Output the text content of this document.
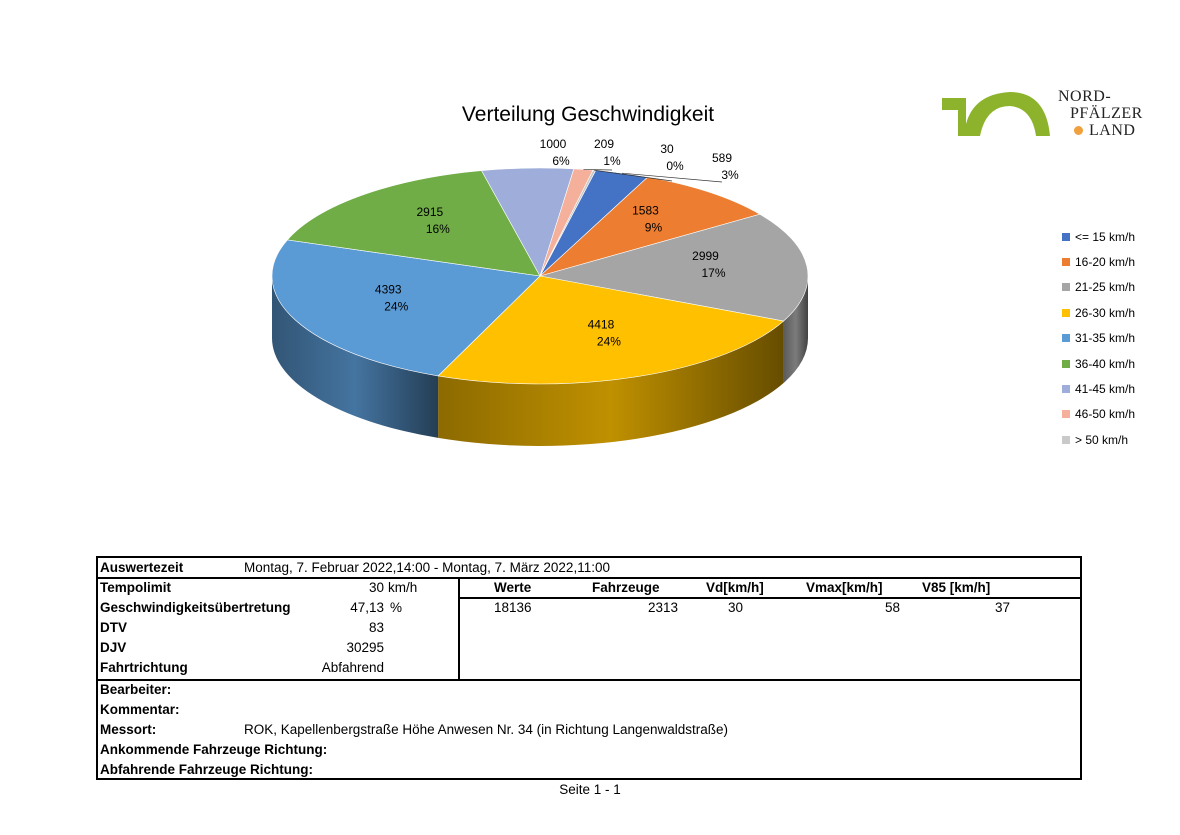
Verteilung Geschwindigkeit
589
3%
1583
9%
2999
17%
4418
24%
4393
24%
2915
16%
1000
6%
209
1%
30
0%
NORD-
PFÄLZER
LAND
<= 15 km/h
16-20 km/h
21-25 km/h
26-30 km/h
31-35 km/h
36-40 km/h
41-45 km/h
46-50 km/h
> 50 km/h
Auswertezeit	Montag, 7. Februar 2022,14:00 - Montag, 7. März 2022,11:00
Tempolimit	30 km/h
Geschwindigkeitsübertretung	47,13 %
DTV	83
DJV	30295
Fahrtrichtung	Abfahrend
Werte	Fahrzeuge	Vd[km/h]	Vmax[km/h]	V85 [km/h]
18136	2313	30	58	37
Bearbeiter:
Kommentar:
Messort:	ROK, Kapellenbergstraße Höhe Anwesen Nr. 34 (in Richtung Langenwaldstraße)
Ankommende Fahrzeuge Richtung:
Abfahrende Fahrzeuge Richtung:
Seite 1 - 1
